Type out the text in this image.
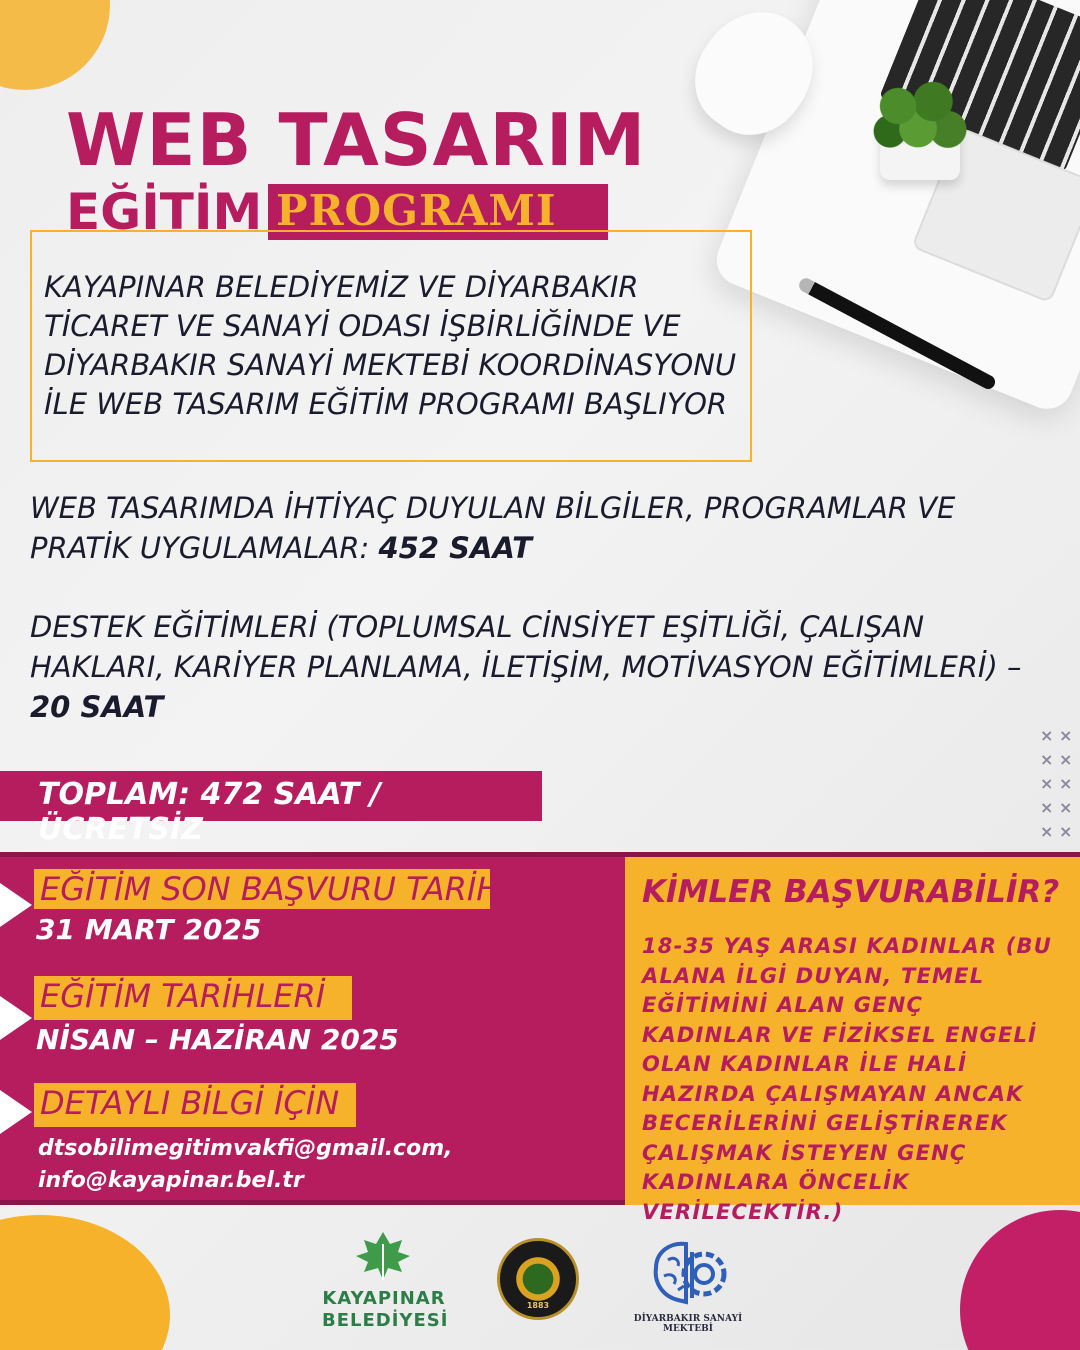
WEB TASARIM
EĞİTİM PROGRAMI
KAYAPINAR BELEDİYEMİZ VE DİYARBAKIR TİCARET VE SANAYİ ODASI İŞBİRLİĞİNDE VE DİYARBAKIR SANAYİ MEKTEBİ KOORDİNASYONU İLE WEB TASARIM EĞİTİM PROGRAMI BAŞLIYOR
WEB TASARIMDA İHTİYAÇ DUYULAN BİLGİLER, PROGRAMLAR VE PRATİK UYGULAMALAR: 452 SAAT
DESTEK EĞİTİMLERİ (TOPLUMSAL CİNSİYET EŞİTLİĞİ, ÇALIŞAN HAKLARI, KARİYER PLANLAMA, İLETİŞİM, MOTİVASYON EĞİTİMLERİ) – 20 SAAT
× ×
× ×
× ×
× ×
× ×
TOPLAM: 472 SAAT / ÜCRETSİZ
EĞİTİM SON BAŞVURU TARİHİ
31 MART 2025
EĞİTİM TARİHLERİ
NİSAN – HAZİRAN 2025
DETAYLI BİLGİ İÇİN
dtsobilimegitimvakfi@gmail.com,
info@kayapinar.bel.tr
KİMLER BAŞVURABİLİR?
18-35 YAŞ ARASI KADINLAR (BU ALANA İLGİ DUYAN, TEMEL EĞİTİMİNİ ALAN GENÇ KADINLAR VE FİZİKSEL ENGELİ OLAN KADINLAR İLE HALİ HAZIRDA ÇALIŞMAYAN ANCAK BECERİLERİNİ GELİŞTİREREK ÇALIŞMAK İSTEYEN GENÇ KADINLARA ÖNCELİK VERİLECEKTİR.)
KAYAPINAR
BELEDİYESİ
1883
DİYARBAKIR SANAYİ MEKTEBİ
